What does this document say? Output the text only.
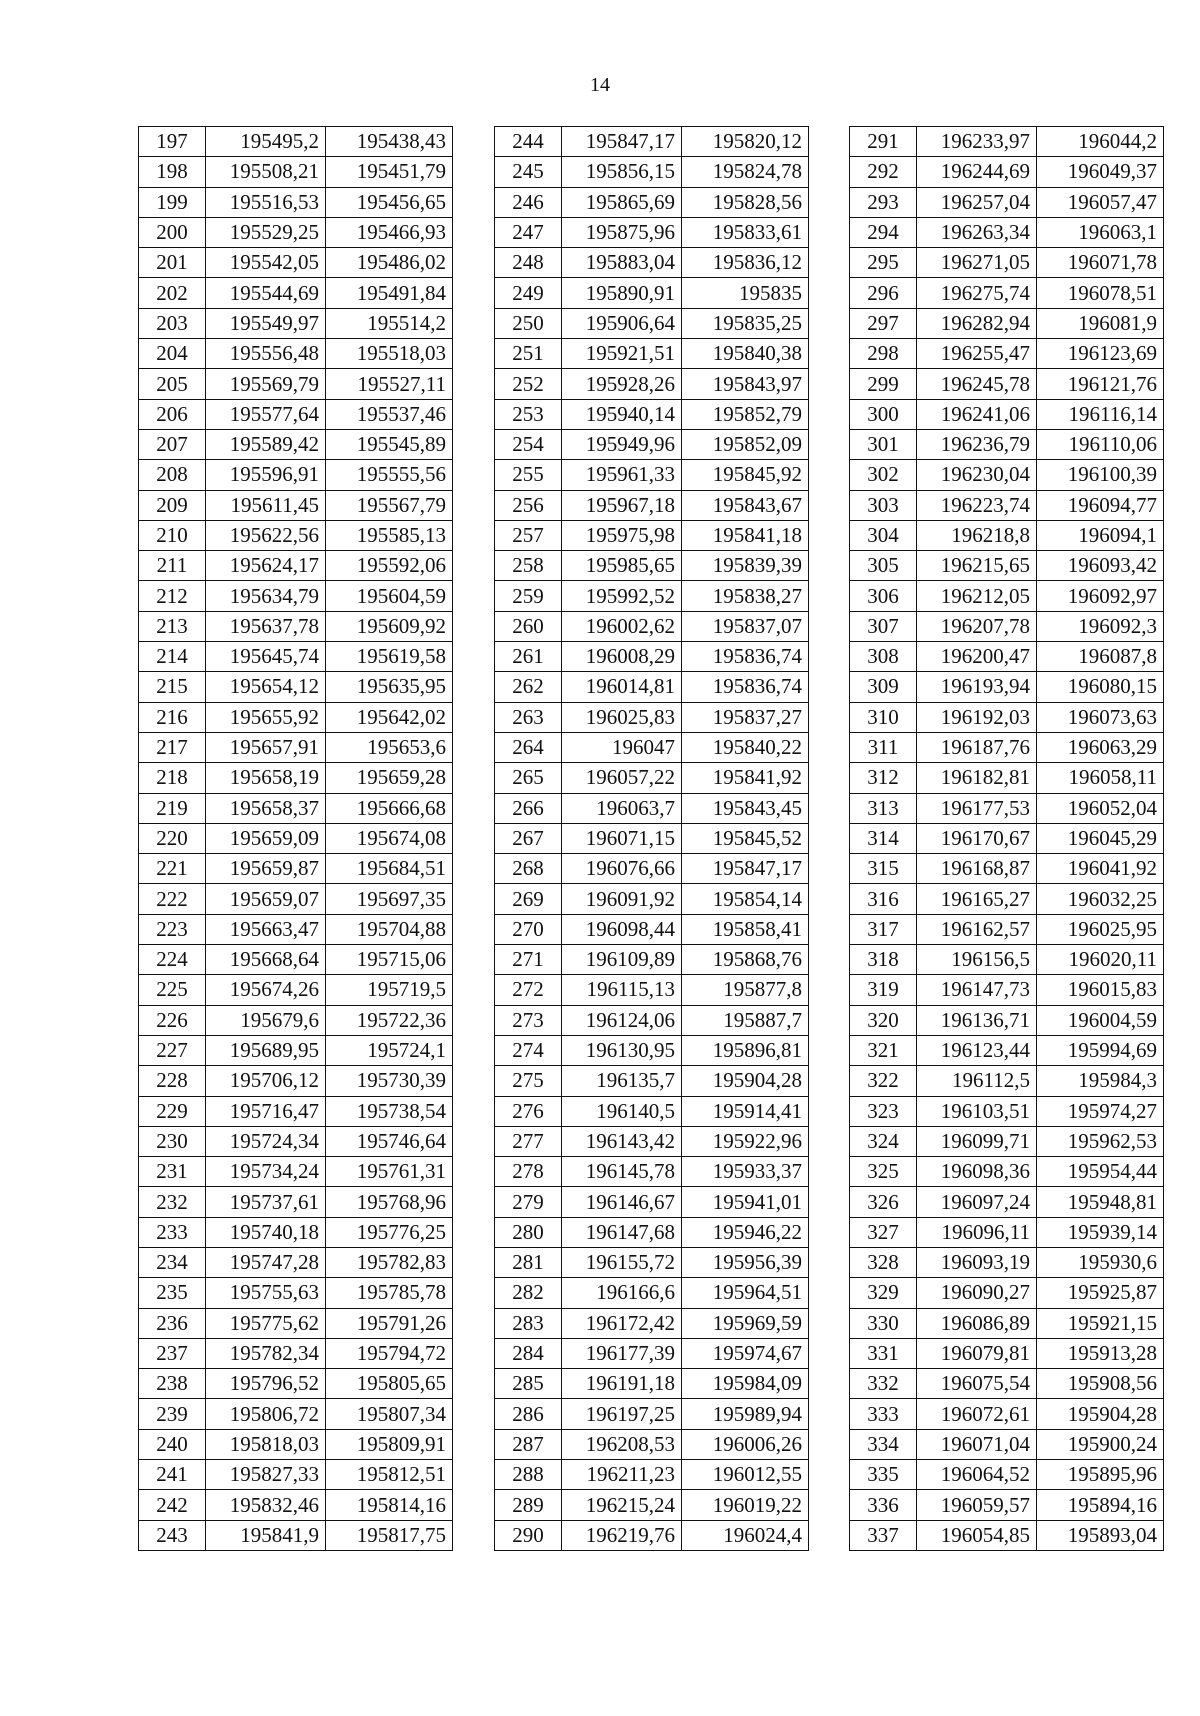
14
197	195495,2	195438,43
198	195508,21	195451,79
199	195516,53	195456,65
200	195529,25	195466,93
201	195542,05	195486,02
202	195544,69	195491,84
203	195549,97	195514,2
204	195556,48	195518,03
205	195569,79	195527,11
206	195577,64	195537,46
207	195589,42	195545,89
208	195596,91	195555,56
209	195611,45	195567,79
210	195622,56	195585,13
211	195624,17	195592,06
212	195634,79	195604,59
213	195637,78	195609,92
214	195645,74	195619,58
215	195654,12	195635,95
216	195655,92	195642,02
217	195657,91	195653,6
218	195658,19	195659,28
219	195658,37	195666,68
220	195659,09	195674,08
221	195659,87	195684,51
222	195659,07	195697,35
223	195663,47	195704,88
224	195668,64	195715,06
225	195674,26	195719,5
226	195679,6	195722,36
227	195689,95	195724,1
228	195706,12	195730,39
229	195716,47	195738,54
230	195724,34	195746,64
231	195734,24	195761,31
232	195737,61	195768,96
233	195740,18	195776,25
234	195747,28	195782,83
235	195755,63	195785,78
236	195775,62	195791,26
237	195782,34	195794,72
238	195796,52	195805,65
239	195806,72	195807,34
240	195818,03	195809,91
241	195827,33	195812,51
242	195832,46	195814,16
243	195841,9	195817,75
244	195847,17	195820,12
245	195856,15	195824,78
246	195865,69	195828,56
247	195875,96	195833,61
248	195883,04	195836,12
249	195890,91	195835
250	195906,64	195835,25
251	195921,51	195840,38
252	195928,26	195843,97
253	195940,14	195852,79
254	195949,96	195852,09
255	195961,33	195845,92
256	195967,18	195843,67
257	195975,98	195841,18
258	195985,65	195839,39
259	195992,52	195838,27
260	196002,62	195837,07
261	196008,29	195836,74
262	196014,81	195836,74
263	196025,83	195837,27
264	196047	195840,22
265	196057,22	195841,92
266	196063,7	195843,45
267	196071,15	195845,52
268	196076,66	195847,17
269	196091,92	195854,14
270	196098,44	195858,41
271	196109,89	195868,76
272	196115,13	195877,8
273	196124,06	195887,7
274	196130,95	195896,81
275	196135,7	195904,28
276	196140,5	195914,41
277	196143,42	195922,96
278	196145,78	195933,37
279	196146,67	195941,01
280	196147,68	195946,22
281	196155,72	195956,39
282	196166,6	195964,51
283	196172,42	195969,59
284	196177,39	195974,67
285	196191,18	195984,09
286	196197,25	195989,94
287	196208,53	196006,26
288	196211,23	196012,55
289	196215,24	196019,22
290	196219,76	196024,4
291	196233,97	196044,2
292	196244,69	196049,37
293	196257,04	196057,47
294	196263,34	196063,1
295	196271,05	196071,78
296	196275,74	196078,51
297	196282,94	196081,9
298	196255,47	196123,69
299	196245,78	196121,76
300	196241,06	196116,14
301	196236,79	196110,06
302	196230,04	196100,39
303	196223,74	196094,77
304	196218,8	196094,1
305	196215,65	196093,42
306	196212,05	196092,97
307	196207,78	196092,3
308	196200,47	196087,8
309	196193,94	196080,15
310	196192,03	196073,63
311	196187,76	196063,29
312	196182,81	196058,11
313	196177,53	196052,04
314	196170,67	196045,29
315	196168,87	196041,92
316	196165,27	196032,25
317	196162,57	196025,95
318	196156,5	196020,11
319	196147,73	196015,83
320	196136,71	196004,59
321	196123,44	195994,69
322	196112,5	195984,3
323	196103,51	195974,27
324	196099,71	195962,53
325	196098,36	195954,44
326	196097,24	195948,81
327	196096,11	195939,14
328	196093,19	195930,6
329	196090,27	195925,87
330	196086,89	195921,15
331	196079,81	195913,28
332	196075,54	195908,56
333	196072,61	195904,28
334	196071,04	195900,24
335	196064,52	195895,96
336	196059,57	195894,16
337	196054,85	195893,04
